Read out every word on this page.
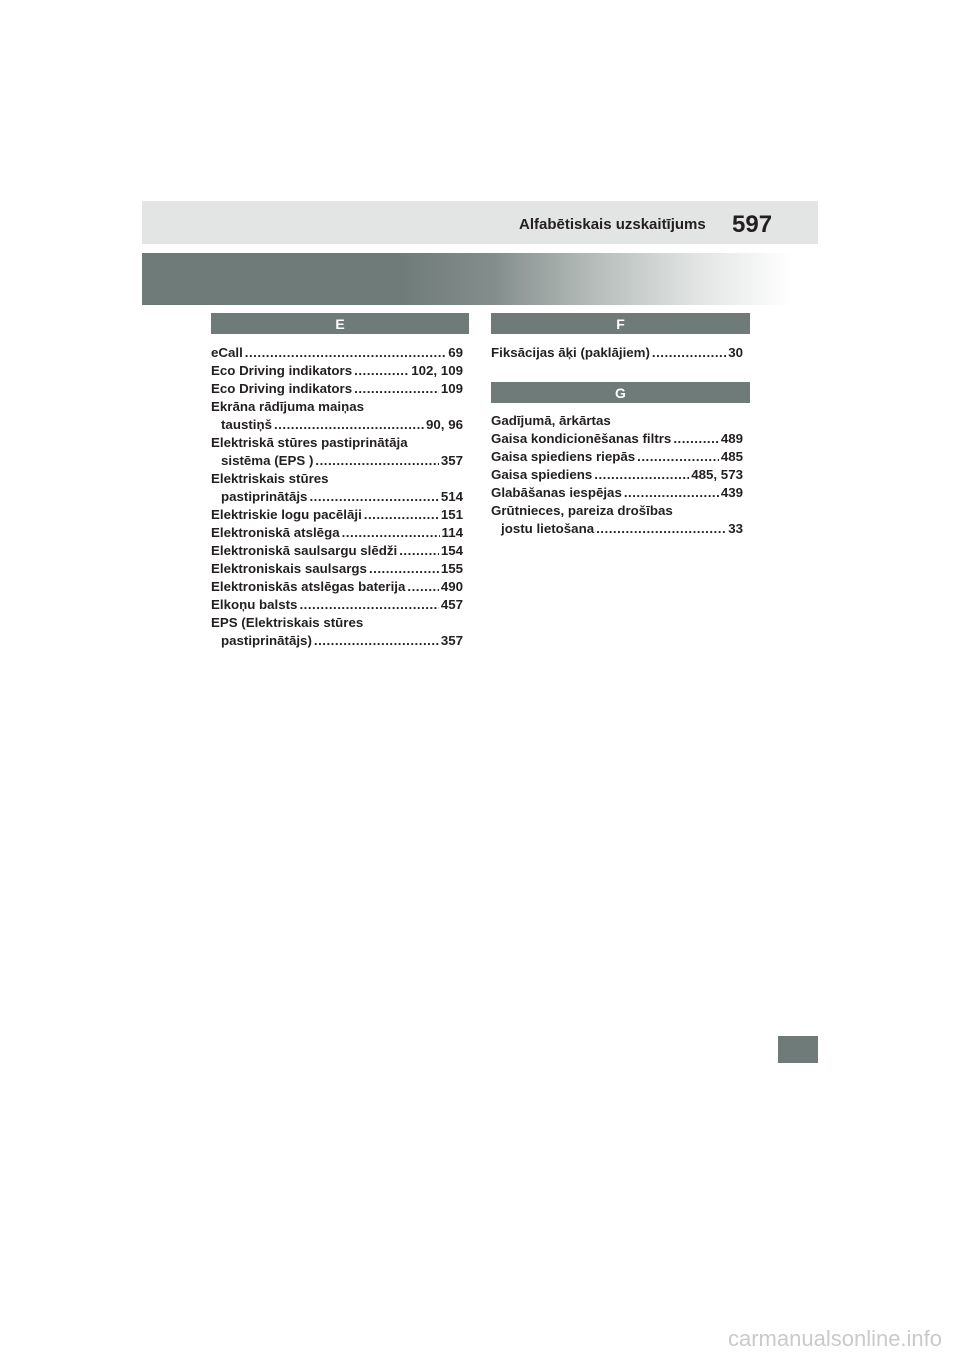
Alfabētiskais uzskaitījums 597
E
eCall .....	69
Eco Driving indikators .....	102, 109
Eco Driving indikators .....	109
Ekrāna rādījuma maiņas
taustiņš .....	90, 96
Elektriskā stūres pastiprinātāja
sistēma (EPS ) .....	357
Elektriskais stūres
pastiprinātājs .....	514
Elektriskie logu pacēlāji .....	151
Elektroniskā atslēga .....	114
Elektroniskā saulsargu slēdži .....	154
Elektroniskais saulsargs .....	155
Elektroniskās atslēgas baterija .....	490
Elkoņu balsts .....	457
EPS (Elektriskais stūres
pastiprinātājs) .....	357
F
Fiksācijas āķi (paklājiem) .....	30
G
Gadījumā, ārkārtas
Gaisa kondicionēšanas filtrs .....	489
Gaisa spiediens riepās .....	485
Gaisa spiediens .....	485, 573
Glabāšanas iespējas .....	439
Grūtnieces, pareiza drošības
jostu lietošana .....	33
carmanualsonline.info
